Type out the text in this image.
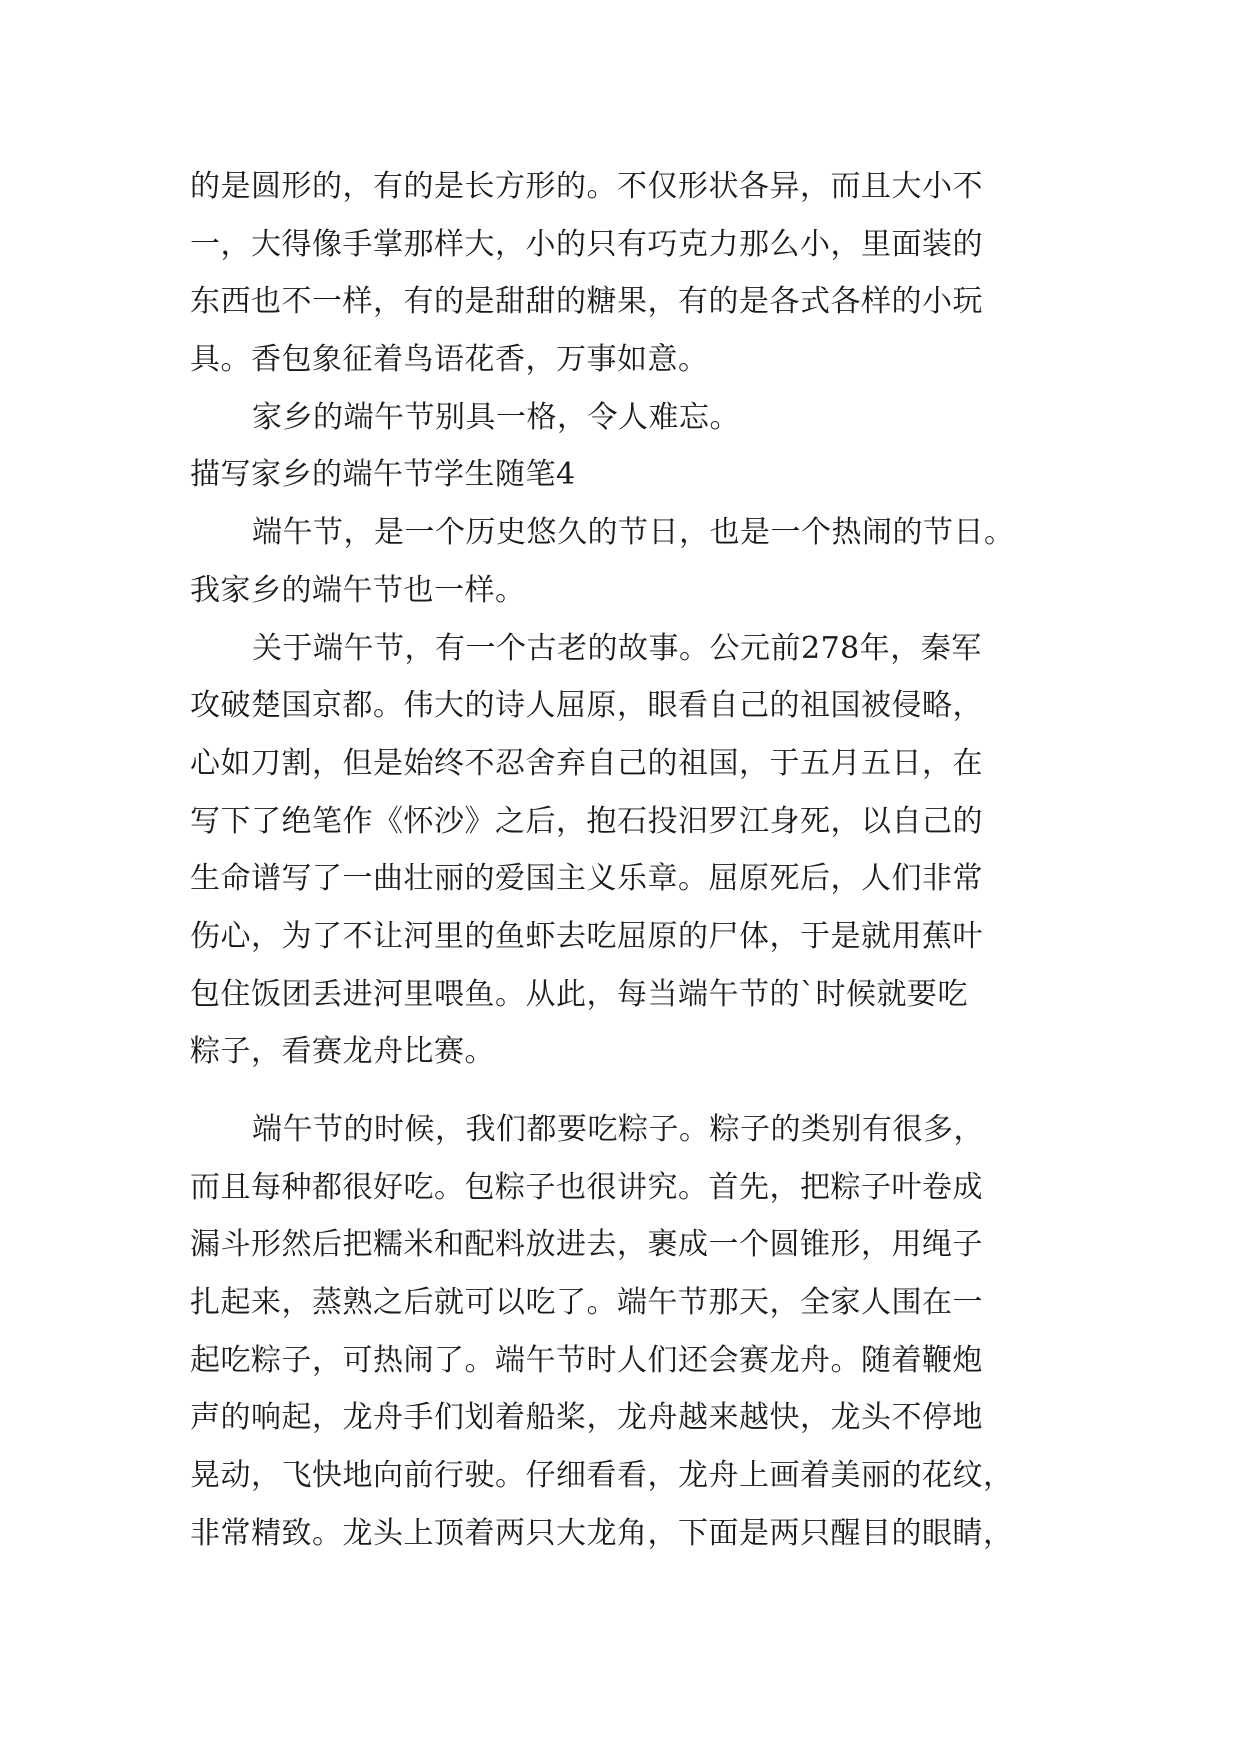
的是圆形的，有的是长方形的。不仅形状各异，而且大小不
一，大得像手掌那样大，小的只有巧克力那么小，里面装的
东西也不一样，有的是甜甜的糖果，有的是各式各样的小玩
具。香包象征着鸟语花香，万事如意。
家乡的端午节别具一格，令人难忘。
描写家乡的端午节学生随笔4
端午节，是一个历史悠久的节日，也是一个热闹的节日。
我家乡的端午节也一样。
关于端午节，有一个古老的故事。公元前278年，秦军
攻破楚国京都。伟大的诗人屈原，眼看自己的祖国被侵略，
心如刀割，但是始终不忍舍弃自己的祖国，于五月五日，在
写下了绝笔作《怀沙》之后，抱石投汨罗江身死，以自己的
生命谱写了一曲壮丽的爱国主义乐章。屈原死后，人们非常
伤心，为了不让河里的鱼虾去吃屈原的尸体，于是就用蕉叶
包住饭团丢进河里喂鱼。从此，每当端午节的`时候就要吃
粽子，看赛龙舟比赛。
端午节的时候，我们都要吃粽子。粽子的类别有很多，
而且每种都很好吃。包粽子也很讲究。首先，把粽子叶卷成
漏斗形然后把糯米和配料放进去，裹成一个圆锥形，用绳子
扎起来，蒸熟之后就可以吃了。端午节那天，全家人围在一
起吃粽子，可热闹了。端午节时人们还会赛龙舟。随着鞭炮
声的响起，龙舟手们划着船桨，龙舟越来越快，龙头不停地
晃动，飞快地向前行驶。仔细看看，龙舟上画着美丽的花纹，
非常精致。龙头上顶着两只大龙角，下面是两只醒目的眼睛，
